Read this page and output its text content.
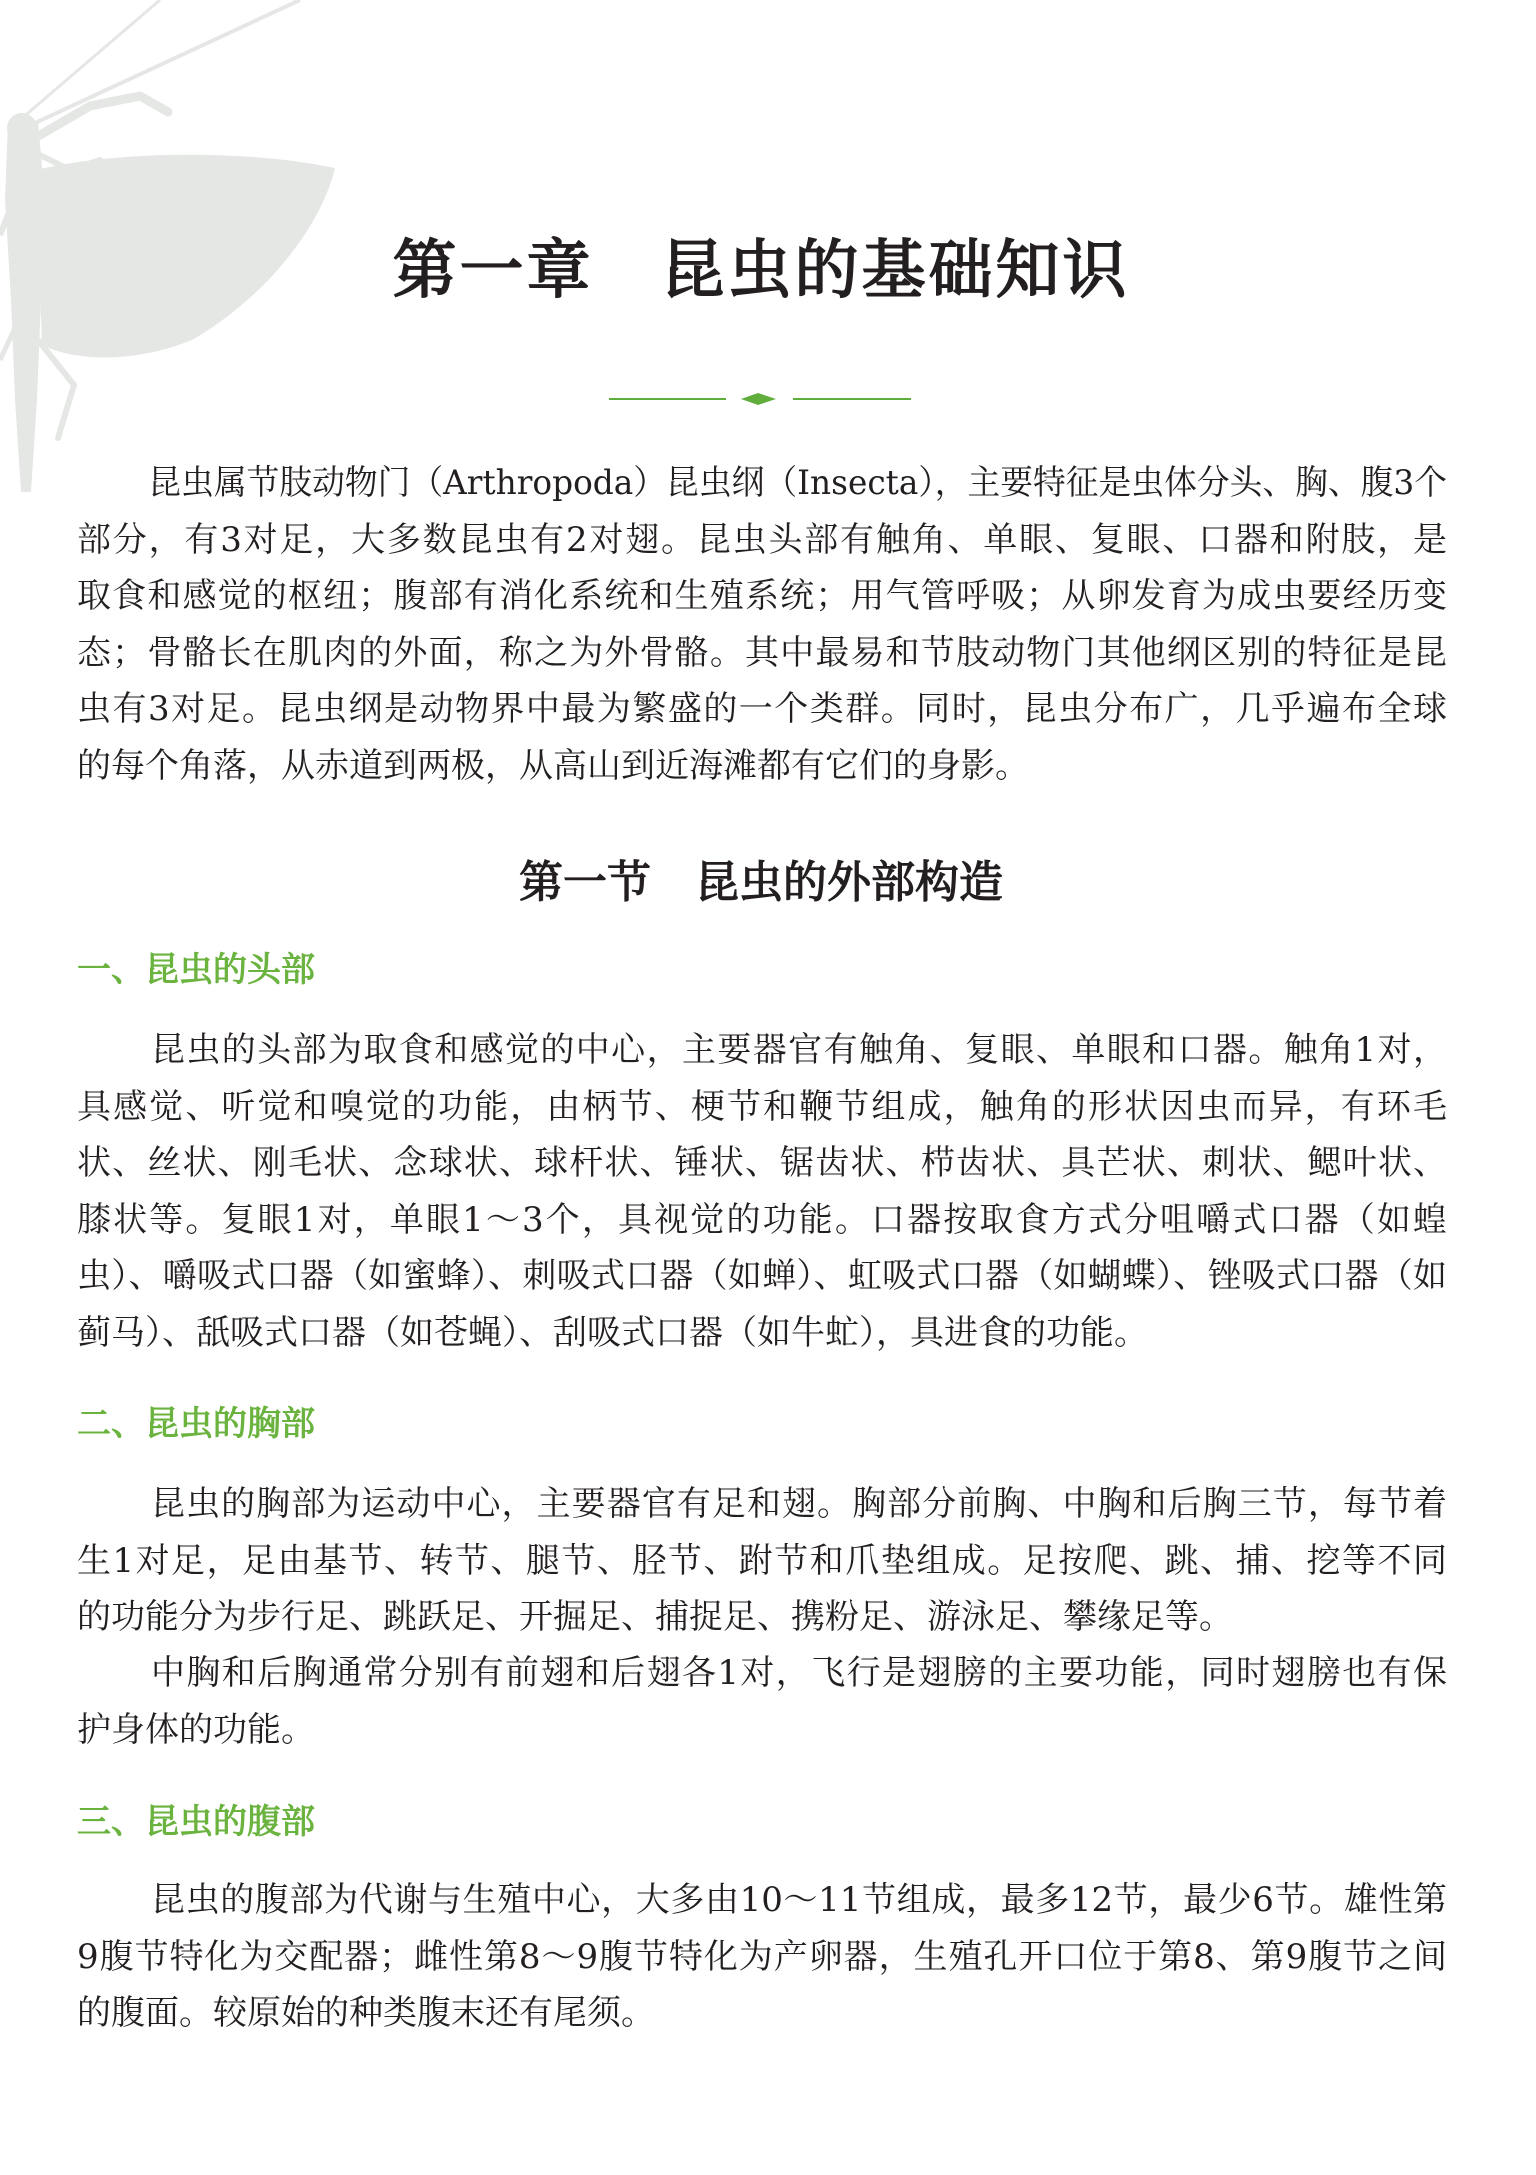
第一章　昆虫的基础知识
昆虫属节肢动物门（Arthropoda）昆虫纲（Insecta），主要特征是虫体分头、胸、腹3个
部分，有3对足，大多数昆虫有2对翅。昆虫头部有触角、单眼、复眼、口器和附肢，是
取食和感觉的枢纽；腹部有消化系统和生殖系统；用气管呼吸；从卵发育为成虫要经历变
态；骨骼长在肌肉的外面，称之为外骨骼。其中最易和节肢动物门其他纲区别的特征是昆
虫有3对足。昆虫纲是动物界中最为繁盛的一个类群。同时，昆虫分布广，几乎遍布全球
的每个角落，从赤道到两极，从高山到近海滩都有它们的身影。
第一节　昆虫的外部构造
一、昆虫的头部
昆虫的头部为取食和感觉的中心，主要器官有触角、复眼、单眼和口器。触角1对，
具感觉、听觉和嗅觉的功能，由柄节、梗节和鞭节组成，触角的形状因虫而异，有环毛
状、丝状、刚毛状、念球状、球杆状、锤状、锯齿状、栉齿状、具芒状、刺状、鳃叶状、
膝状等。复眼1对，单眼1～3个，具视觉的功能。口器按取食方式分咀嚼式口器（如蝗
虫）、嚼吸式口器（如蜜蜂）、刺吸式口器（如蝉）、虹吸式口器（如蝴蝶）、锉吸式口器（如
蓟马）、舐吸式口器（如苍蝇）、刮吸式口器（如牛虻），具进食的功能。
二、昆虫的胸部
昆虫的胸部为运动中心，主要器官有足和翅。胸部分前胸、中胸和后胸三节，每节着
生1对足，足由基节、转节、腿节、胫节、跗节和爪垫组成。足按爬、跳、捕、挖等不同
的功能分为步行足、跳跃足、开掘足、捕捉足、携粉足、游泳足、攀缘足等。
中胸和后胸通常分别有前翅和后翅各1对，飞行是翅膀的主要功能，同时翅膀也有保
护身体的功能。
三、昆虫的腹部
昆虫的腹部为代谢与生殖中心，大多由10～11节组成，最多12节，最少6节。雄性第
9腹节特化为交配器；雌性第8～9腹节特化为产卵器，生殖孔开口位于第8、第9腹节之间
的腹面。较原始的种类腹末还有尾须。
